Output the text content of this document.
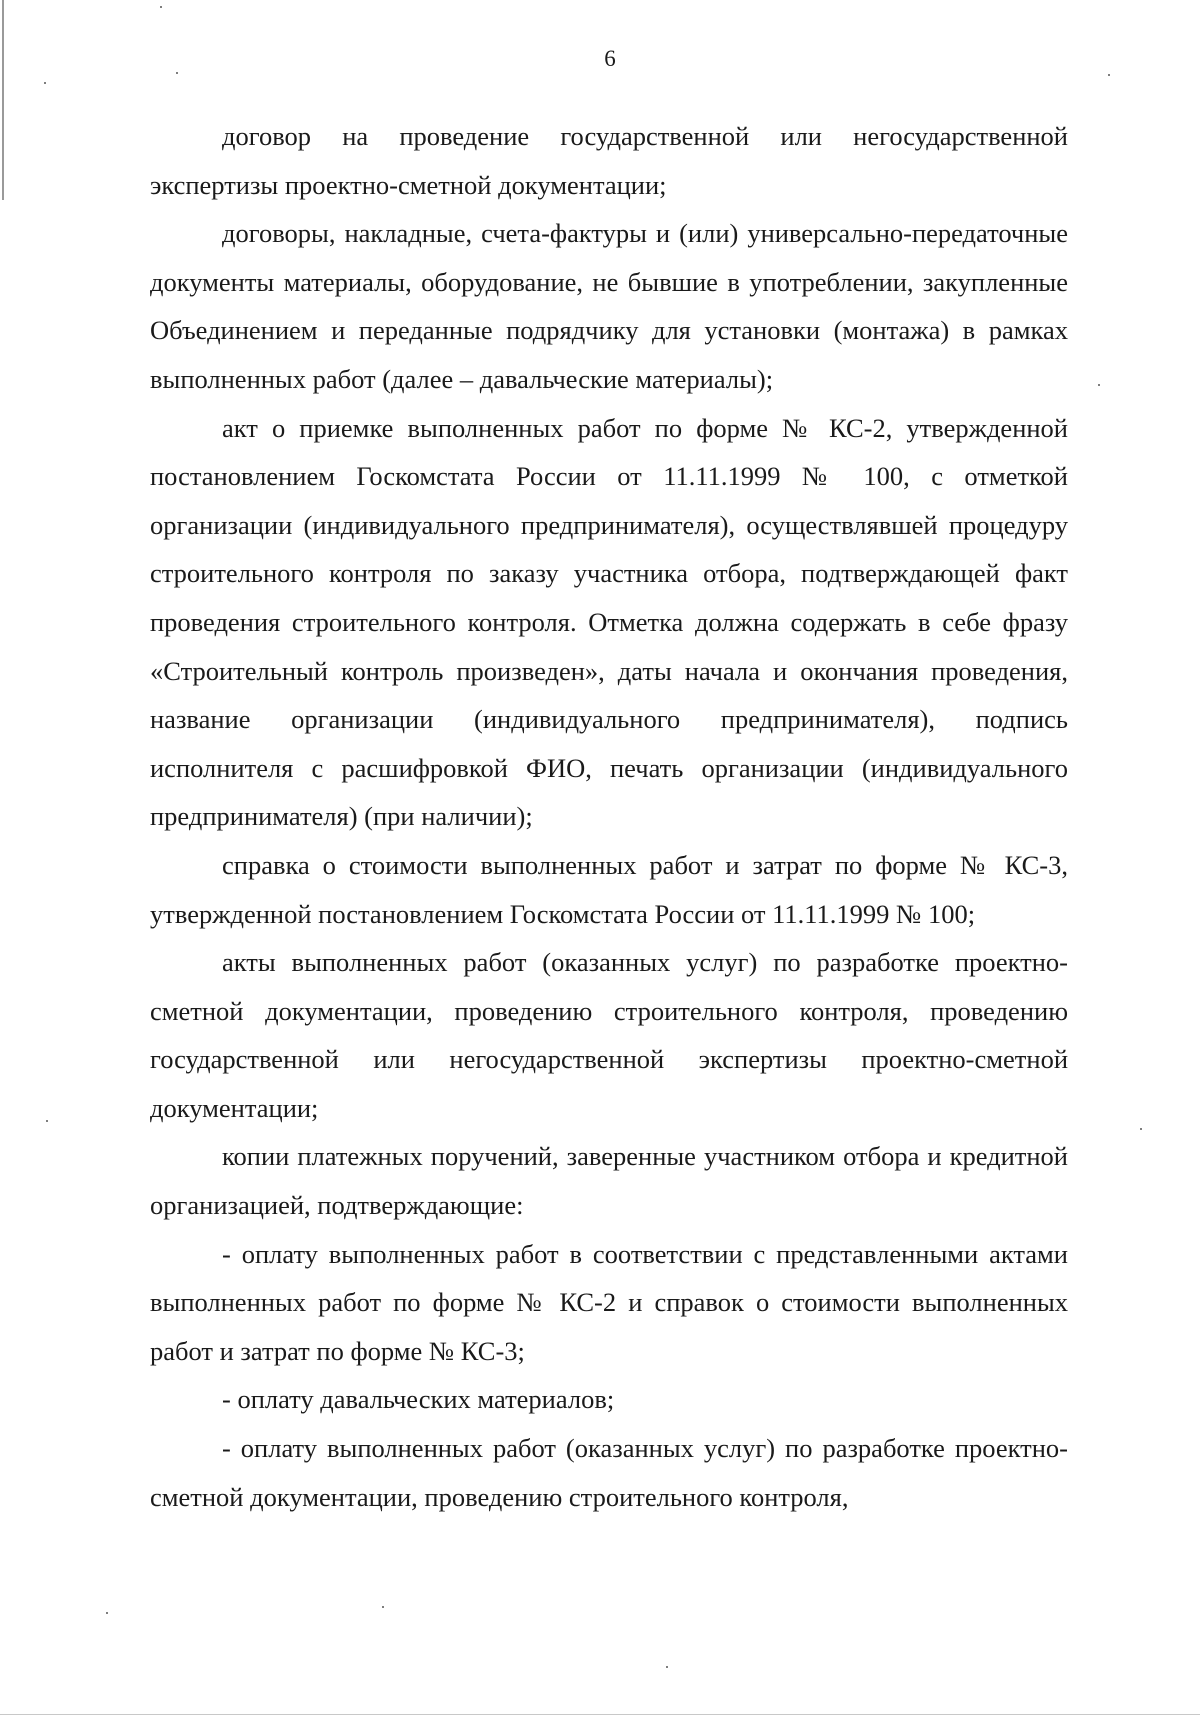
6

договор на проведение государственной или негосударственной экспертизы проектно-сметной документации;

договоры, накладные, счета-фактуры и (или) универсально-передаточные документы материалы, оборудование, не бывшие в употреблении, закупленные Объединением и переданные подрядчику для установки (монтажа) в рамках выполненных работ (далее – давальческие материалы);

акт о приемке выполненных работ по форме № КС-2, утвержденной постановлением Госкомстата России от 11.11.1999 № 100, с отметкой организации (индивидуального предпринимателя), осуществлявшей процедуру строительного контроля по заказу участника отбора, подтверждающей факт проведения строительного контроля. Отметка должна содержать в себе фразу «Строительный контроль произведен», даты начала и окончания проведения, название организации (индивидуального предпринимателя), подпись исполнителя с расшифровкой ФИО, печать организации (индивидуального предпринимателя) (при наличии);

справка о стоимости выполненных работ и затрат по форме № КС-3, утвержденной постановлением Госкомстата России от 11.11.1999 № 100;

акты выполненных работ (оказанных услуг) по разработке проектно-сметной документации, проведению строительного контроля, проведению государственной или негосударственной экспертизы проектно-сметной документации;

копии платежных поручений, заверенные участником отбора и кредитной организацией, подтверждающие:

- оплату выполненных работ в соответствии с представленными актами выполненных работ по форме № КС-2 и справок о стоимости выполненных работ и затрат по форме № КС-3;

- оплату давальческих материалов;

- оплату выполненных работ (оказанных услуг) по разработке проектно-сметной документации, проведению строительного контроля,
